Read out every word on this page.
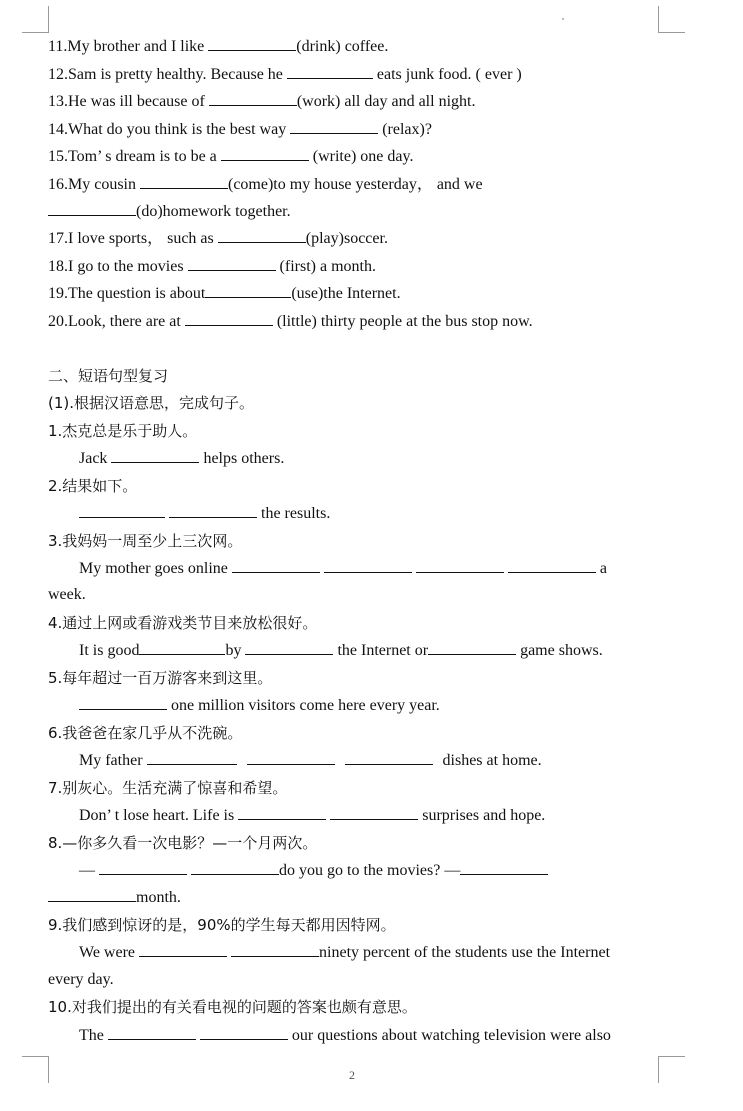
11.My brother and I like	(drink) coffee.
12.Sam is pretty healthy. Because he	eats junk food. ( ever )
13.He was ill because of	(work) all day and all night.
14.What do you think is the best way	(relax)?
15.Tom’ s dream is to be a	(write) one day.
16.My cousin	(come)to my house yesterday， and we
(do)homework together.
17.I love sports， such as	(play)soccer.
18.I go to the movies	(first) a month.
19.The question is about	(use)the Internet.
20.Look, there are at	(little) thirty people at the bus stop now.
二、短语句型复习
(1).根据汉语意思，完成句子。
1.杰克总是乐于助人。
Jack	helps others.
2.结果如下。
the results.
3.我妈妈一周至少上三次网。
My mother goes online	a
week.
4.通过上网或看游戏类节目来放松很好。
It is good	by	the Internet or	game shows.
5.每年超过一百万游客来到这里。
one million visitors come here every year.
6.我爸爸在家几乎从不洗碗。
My father	dishes at home.
7.别灰心。生活充满了惊喜和希望。
Don’ t lose heart. Life is	surprises and hope.
8.—你多久看一次电影？—一个月两次。
—	do you go to the movies? —
month.
9.我们感到惊讶的是，90%的学生每天都用因特网。
We were	ninety percent of the students use the Internet
every day.
10.对我们提出的有关看电视的问题的答案也颇有意思。
The	our questions about watching television were also
2
